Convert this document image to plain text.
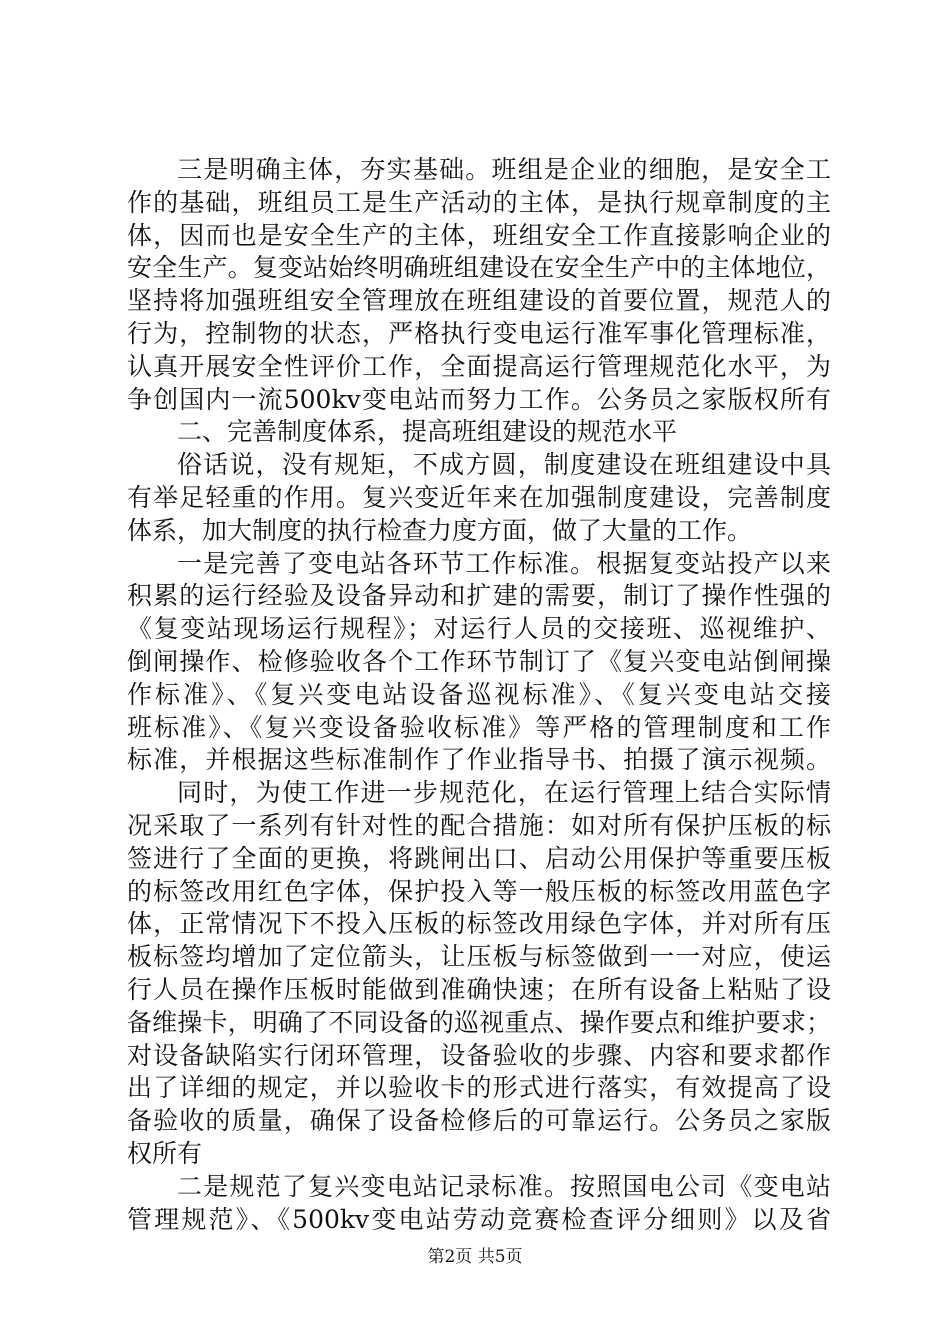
三是明确主体，夯实基础。班组是企业的细胞，是安全工
作的基础，班组员工是生产活动的主体，是执行规章制度的主
体，因而也是安全生产的主体，班组安全工作直接影响企业的
安全生产。复变站始终明确班组建设在安全生产中的主体地位，
坚持将加强班组安全管理放在班组建设的首要位置，规范人的
行为，控制物的状态，严格执行变电运行准军事化管理标准，
认真开展安全性评价工作，全面提高运行管理规范化水平，为
争创国内一流500kv变电站而努力工作。公务员之家版权所有
二、完善制度体系，提高班组建设的规范水平
俗话说，没有规矩，不成方圆，制度建设在班组建设中具
有举足轻重的作用。复兴变近年来在加强制度建设，完善制度
体系，加大制度的执行检查力度方面，做了大量的工作。
一是完善了变电站各环节工作标准。根据复变站投产以来
积累的运行经验及设备异动和扩建的需要，制订了操作性强的
《复变站现场运行规程》；对运行人员的交接班、巡视维护、
倒闸操作、检修验收各个工作环节制订了《复兴变电站倒闸操
作标准》、《复兴变电站设备巡视标准》、《复兴变电站交接
班标准》、《复兴变设备验收标准》等严格的管理制度和工作
标准，并根据这些标准制作了作业指导书、拍摄了演示视频。
同时，为使工作进一步规范化，在运行管理上结合实际情
况采取了一系列有针对性的配合措施：如对所有保护压板的标
签进行了全面的更换，将跳闸出口、启动公用保护等重要压板
的标签改用红色字体，保护投入等一般压板的标签改用蓝色字
体，正常情况下不投入压板的标签改用绿色字体，并对所有压
板标签均增加了定位箭头，让压板与标签做到一一对应，使运
行人员在操作压板时能做到准确快速；在所有设备上粘贴了设
备维操卡，明确了不同设备的巡视重点、操作要点和维护要求；
对设备缺陷实行闭环管理，设备验收的步骤、内容和要求都作
出了详细的规定，并以验收卡的形式进行落实，有效提高了设
备验收的质量，确保了设备检修后的可靠运行。公务员之家版
权所有
二是规范了复兴变电站记录标准。按照国电公司《变电站
管理规范》、《500kv变电站劳动竞赛检查评分细则》以及省
第2页 共5页
